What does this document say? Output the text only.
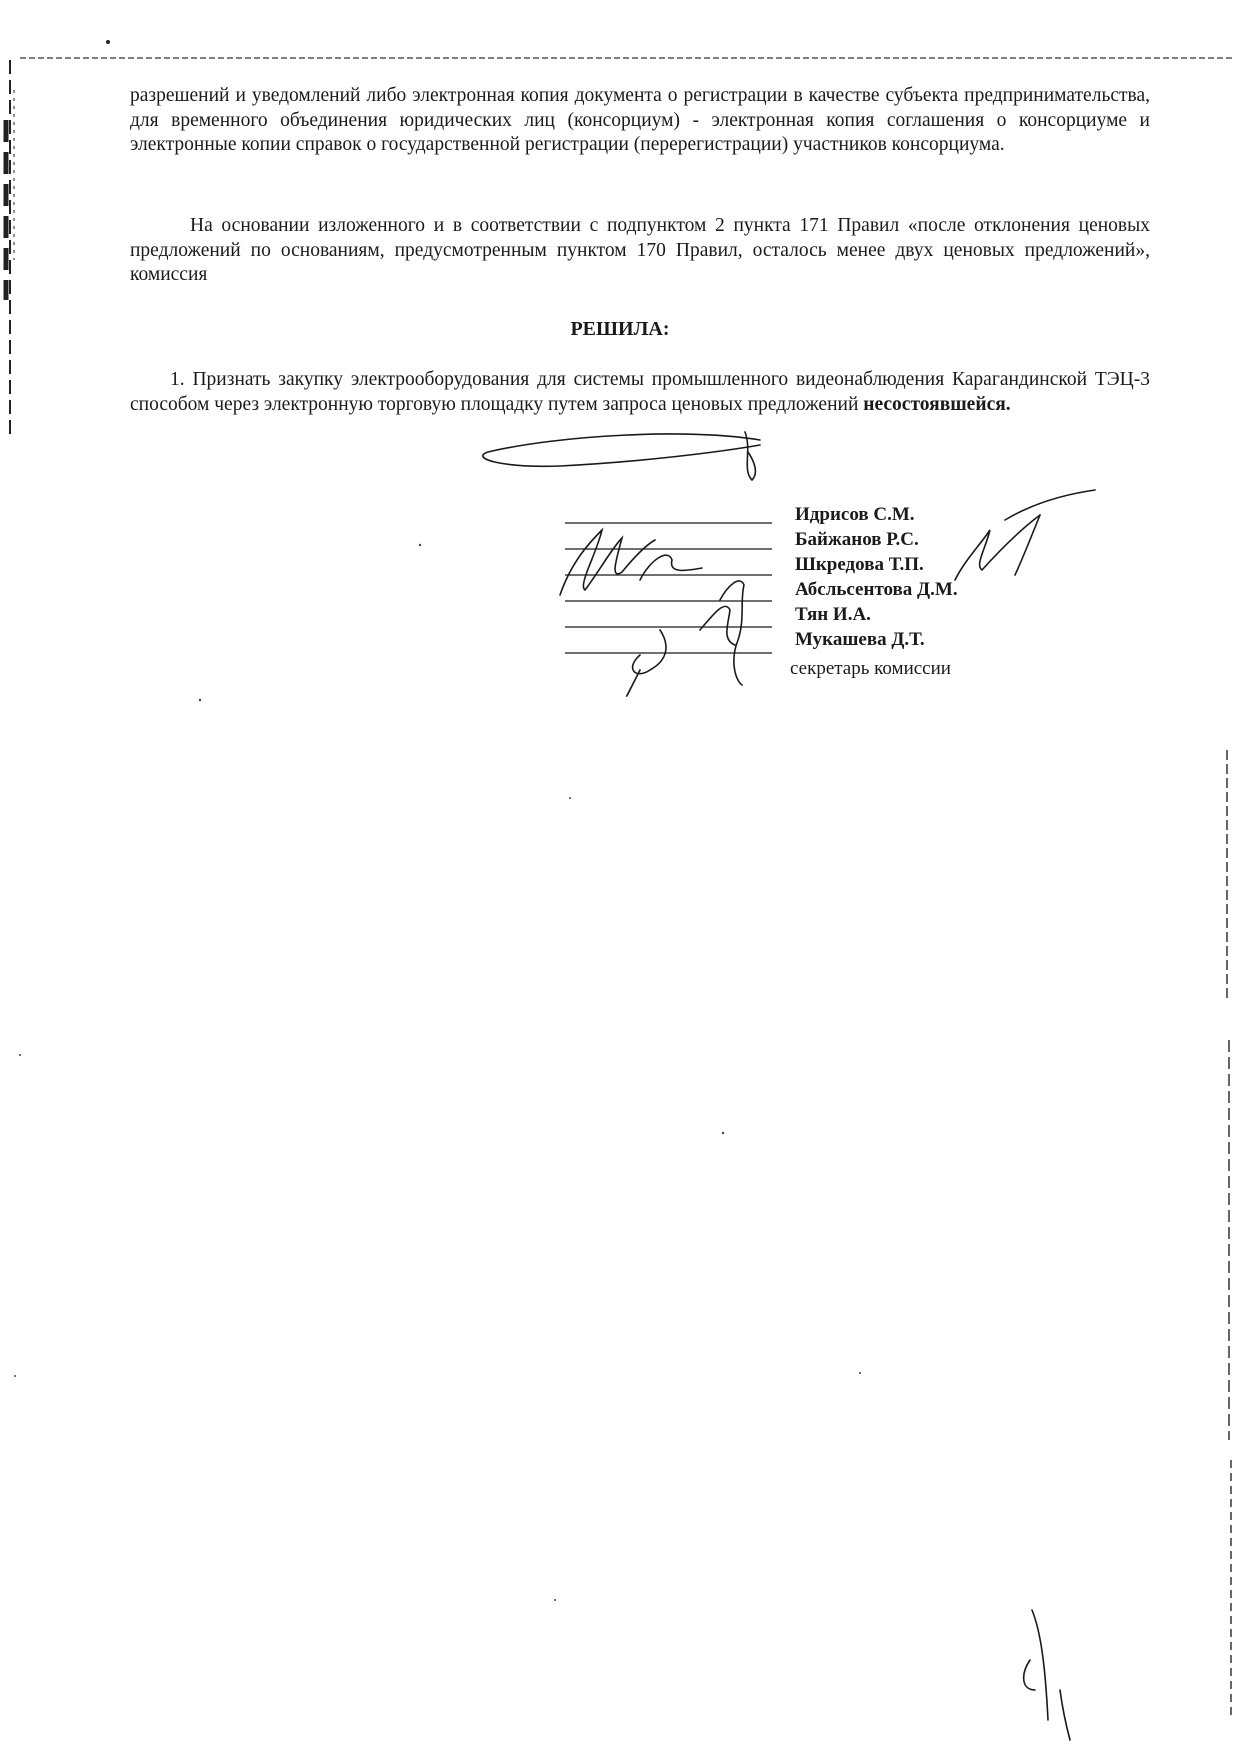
разрешений и уведомлений либо электронная копия документа о регистрации в качестве субъекта предпринимательства, для временного объединения юридических лиц (консорциум) - электронная копия соглашения о консорциуме и электронные копии справок о государственной регистрации (перерегистрации) участников консорциума.

На основании изложенного и в соответствии с подпунктом 2 пункта 171 Правил «после отклонения ценовых предложений по основаниям, предусмотренным пунктом 170 Правил, осталось менее двух ценовых предложений», комиссия

РЕШИЛА:

1. Признать закупку электрооборудования для системы промышленного видеонаблюдения Карагандинской ТЭЦ-3 способом через электронную торговую площадку путем запроса ценовых предложений несостоявшейся.

Идрисов С.М.
Байжанов Р.С.
Шкредова Т.П.
Абсльсентова Д.М.
Тян И.А.
Мукашева Д.Т.
секретарь комиссии
